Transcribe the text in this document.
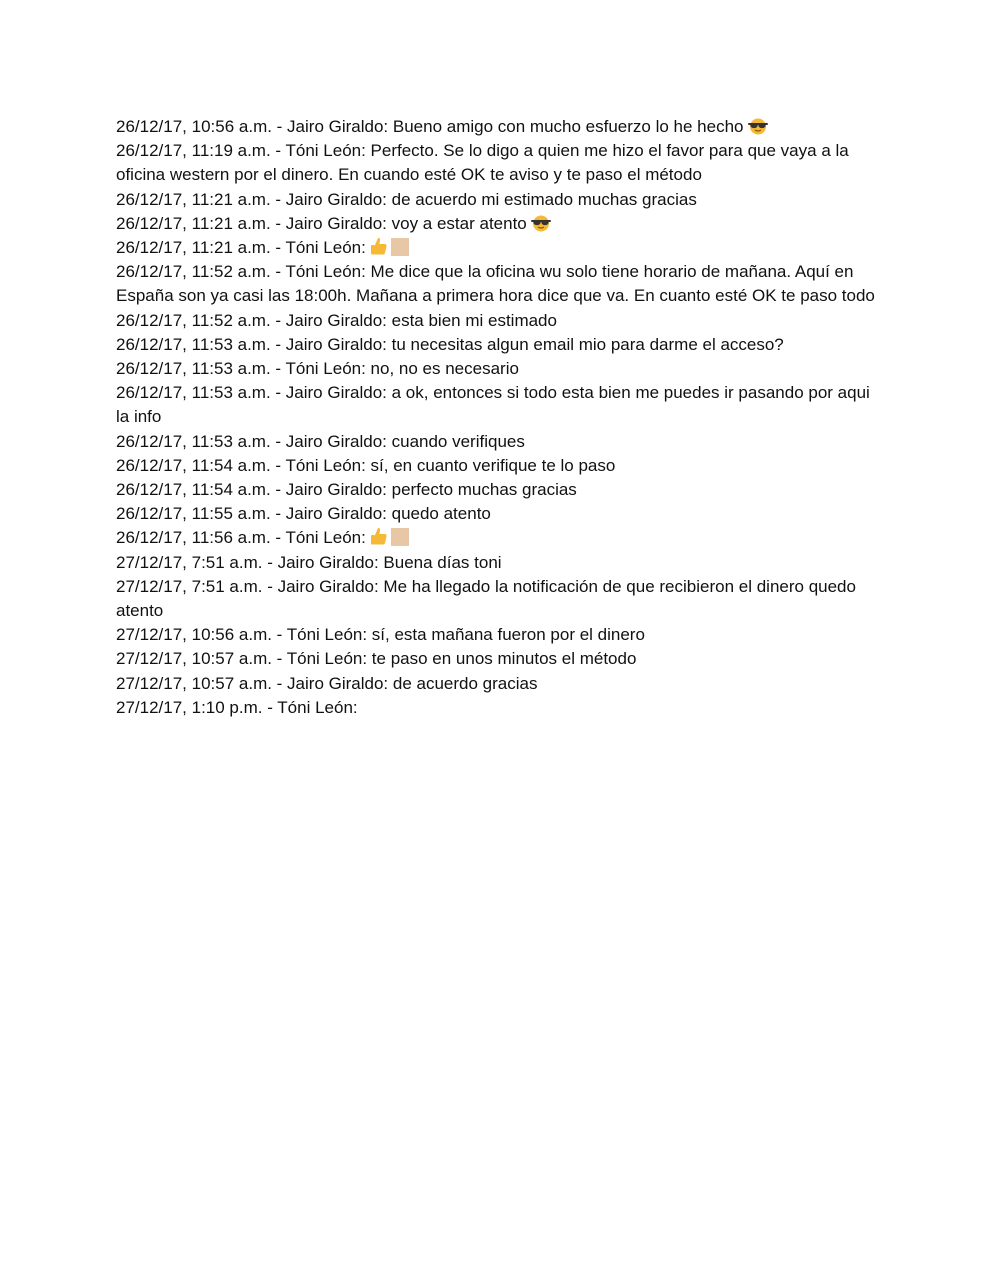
26/12/17, 10:56 a.m. - Jairo Giraldo: Bueno amigo con mucho esfuerzo lo he hecho
26/12/17, 11:19 a.m. - Tóni León: Perfecto. Se lo digo a quien me hizo el favor para que vaya a la oficina western por el dinero. En cuando esté OK te aviso y te paso el método
26/12/17, 11:21 a.m. - Jairo Giraldo: de acuerdo mi estimado muchas gracias
26/12/17, 11:21 a.m. - Jairo Giraldo: voy a estar atento
26/12/17, 11:21 a.m. - Tóni León:
26/12/17, 11:52 a.m. - Tóni León: Me dice que la oficina wu solo tiene horario de mañana. Aquí en España son ya casi las 18:00h. Mañana a primera hora dice que va. En cuanto esté OK te paso todo
26/12/17, 11:52 a.m. - Jairo Giraldo: esta bien mi estimado
26/12/17, 11:53 a.m. - Jairo Giraldo: tu necesitas algun email mio para darme el acceso?
26/12/17, 11:53 a.m. - Tóni León: no, no es necesario
26/12/17, 11:53 a.m. - Jairo Giraldo: a ok, entonces si todo esta bien me puedes ir pasando por aqui la info
26/12/17, 11:53 a.m. - Jairo Giraldo: cuando verifiques
26/12/17, 11:54 a.m. - Tóni León: sí, en cuanto verifique te lo paso
26/12/17, 11:54 a.m. - Jairo Giraldo: perfecto muchas gracias
26/12/17, 11:55 a.m. - Jairo Giraldo: quedo atento
26/12/17, 11:56 a.m. - Tóni León:
27/12/17, 7:51 a.m. - Jairo Giraldo: Buena días toni
27/12/17, 7:51 a.m. - Jairo Giraldo: Me ha llegado la notificación de que recibieron el dinero quedo atento
27/12/17, 10:56 a.m. - Tóni León: sí, esta mañana fueron por el dinero
27/12/17, 10:57 a.m. - Tóni León: te paso en unos minutos el método
27/12/17, 10:57 a.m. - Jairo Giraldo: de acuerdo gracias
27/12/17, 1:10 p.m. - Tóni León:
